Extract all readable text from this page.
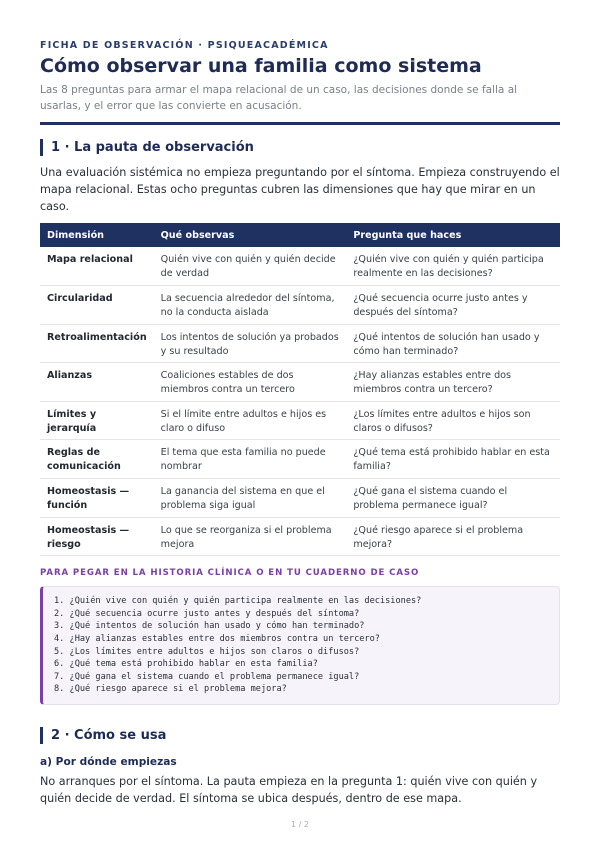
FICHA DE OBSERVACIÓN · PSIQUEACADÉMICA
Cómo observar una familia como sistema

Las 8 preguntas para armar el mapa relacional de un caso, las decisiones donde se falla al usarlas, y el error que las convierte en acusación.

1 · La pauta de observación

Una evaluación sistémica no empieza preguntando por el síntoma. Empieza construyendo el mapa relacional. Estas ocho preguntas cubren las dimensiones que hay que mirar en un caso.

Dimensión	Qué observas	Pregunta que haces
Mapa relacional	Quién vive con quién y quién decide de verdad	¿Quién vive con quién y quién participa realmente en las decisiones?
Circularidad	La secuencia alrededor del síntoma, no la conducta aislada	¿Qué secuencia ocurre justo antes y después del síntoma?
Retroalimentación	Los intentos de solución ya probados y su resultado	¿Qué intentos de solución han usado y cómo han terminado?
Alianzas	Coaliciones estables de dos miembros contra un tercero	¿Hay alianzas estables entre dos miembros contra un tercero?
Límites y jerarquía	Si el límite entre adultos e hijos es claro o difuso	¿Los límites entre adultos e hijos son claros o difusos?
Reglas de comunicación	El tema que esta familia no puede nombrar	¿Qué tema está prohibido hablar en esta familia?
Homeostasis — función	La ganancia del sistema en que el problema siga igual	¿Qué gana el sistema cuando el problema permanece igual?
Homeostasis — riesgo	Lo que se reorganiza si el problema mejora	¿Qué riesgo aparece si el problema mejora?
PARA PEGAR EN LA HISTORIA CLÍNICA O EN TU CUADERNO DE CASO
1. ¿Quién vive con quién y quién participa realmente en las decisiones?
2. ¿Qué secuencia ocurre justo antes y después del síntoma?
3. ¿Qué intentos de solución han usado y cómo han terminado?
4. ¿Hay alianzas estables entre dos miembros contra un tercero?
5. ¿Los límites entre adultos e hijos son claros o difusos?
6. ¿Qué tema está prohibido hablar en esta familia?
7. ¿Qué gana el sistema cuando el problema permanece igual?
8. ¿Qué riesgo aparece si el problema mejora?
2 · Cómo se usa
a) Por dónde empiezas

No arranques por el síntoma. La pauta empieza en la pregunta 1: quién vive con quién y quién decide de verdad. El síntoma se ubica después, dentro de ese mapa.

1 / 2
